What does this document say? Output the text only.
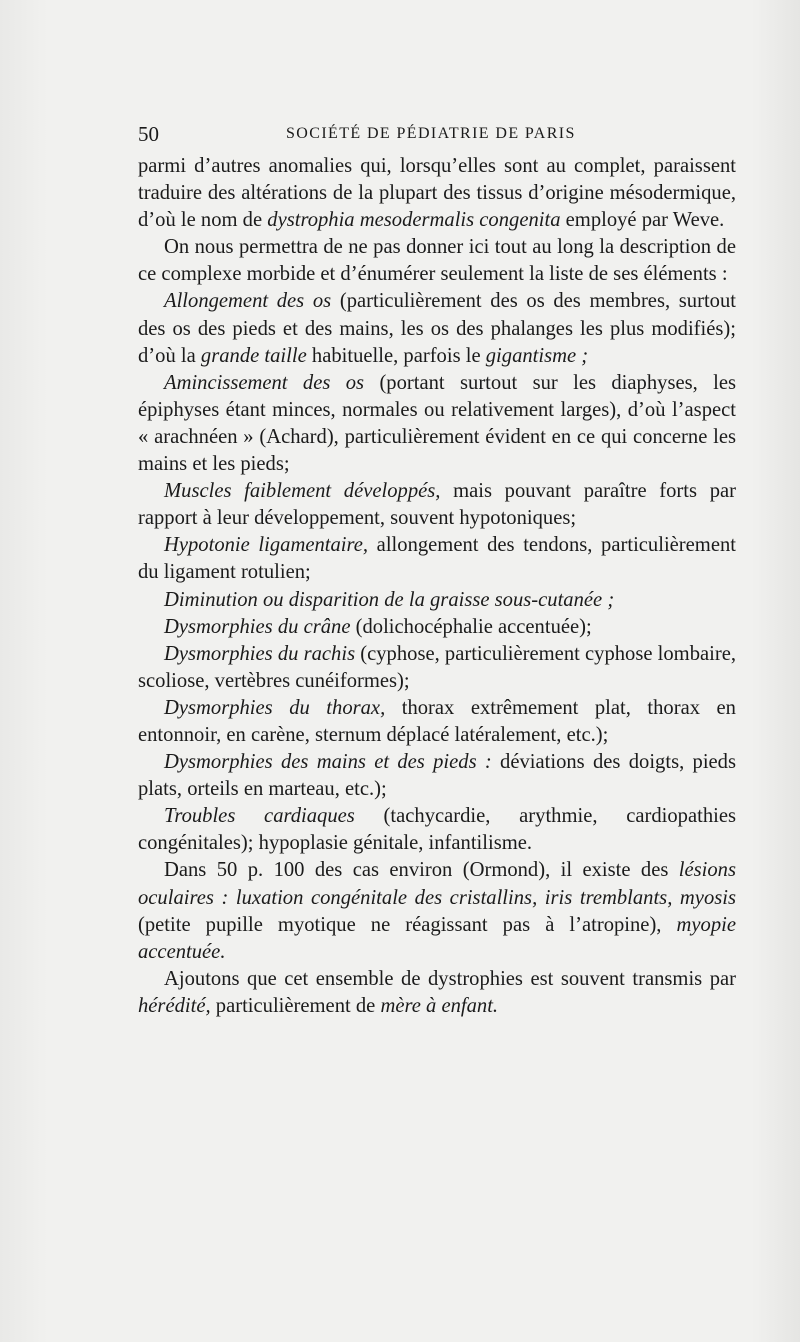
50	SOCIÉTÉ DE PÉDIATRIE DE PARIS

parmi d’autres anomalies qui, lorsqu’elles sont au complet, paraissent traduire des altérations de la plupart des tissus d’origine mésodermique, d’où le nom de dystrophia mesodermalis congenita employé par Weve.

On nous permettra de ne pas donner ici tout au long la description de ce complexe morbide et d’énumérer seulement la liste de ses éléments :

Allongement des os (particulièrement des os des membres, surtout des os des pieds et des mains, les os des phalanges les plus modifiés); d’où la grande taille habituelle, parfois le gigantisme ;

Amincissement des os (portant surtout sur les diaphyses, les épiphyses étant minces, normales ou relativement larges), d’où l’aspect « arachnéen » (Achard), particulièrement évident en ce qui concerne les mains et les pieds;

Muscles faiblement développés, mais pouvant paraître forts par rapport à leur développement, souvent hypotoniques;

Hypotonie ligamentaire, allongement des tendons, particulièrement du ligament rotulien;

Diminution ou disparition de la graisse sous-cutanée ;

Dysmorphies du crâne (dolichocéphalie accentuée);

Dysmorphies du rachis (cyphose, particulièrement cyphose lombaire, scoliose, vertèbres cunéiformes);

Dysmorphies du thorax, thorax extrêmement plat, thorax en entonnoir, en carène, sternum déplacé latéralement, etc.);

Dysmorphies des mains et des pieds : déviations des doigts, pieds plats, orteils en marteau, etc.);

Troubles cardiaques (tachycardie, arythmie, cardiopathies congénitales); hypoplasie génitale, infantilisme.

Dans 50 p. 100 des cas environ (Ormond), il existe des lésions oculaires : luxation congénitale des cristallins, iris tremblants, myosis (petite pupille myotique ne réagissant pas à l’atropine), myopie accentuée.

Ajoutons que cet ensemble de dystrophies est souvent transmis par hérédité, particulièrement de mère à enfant.
